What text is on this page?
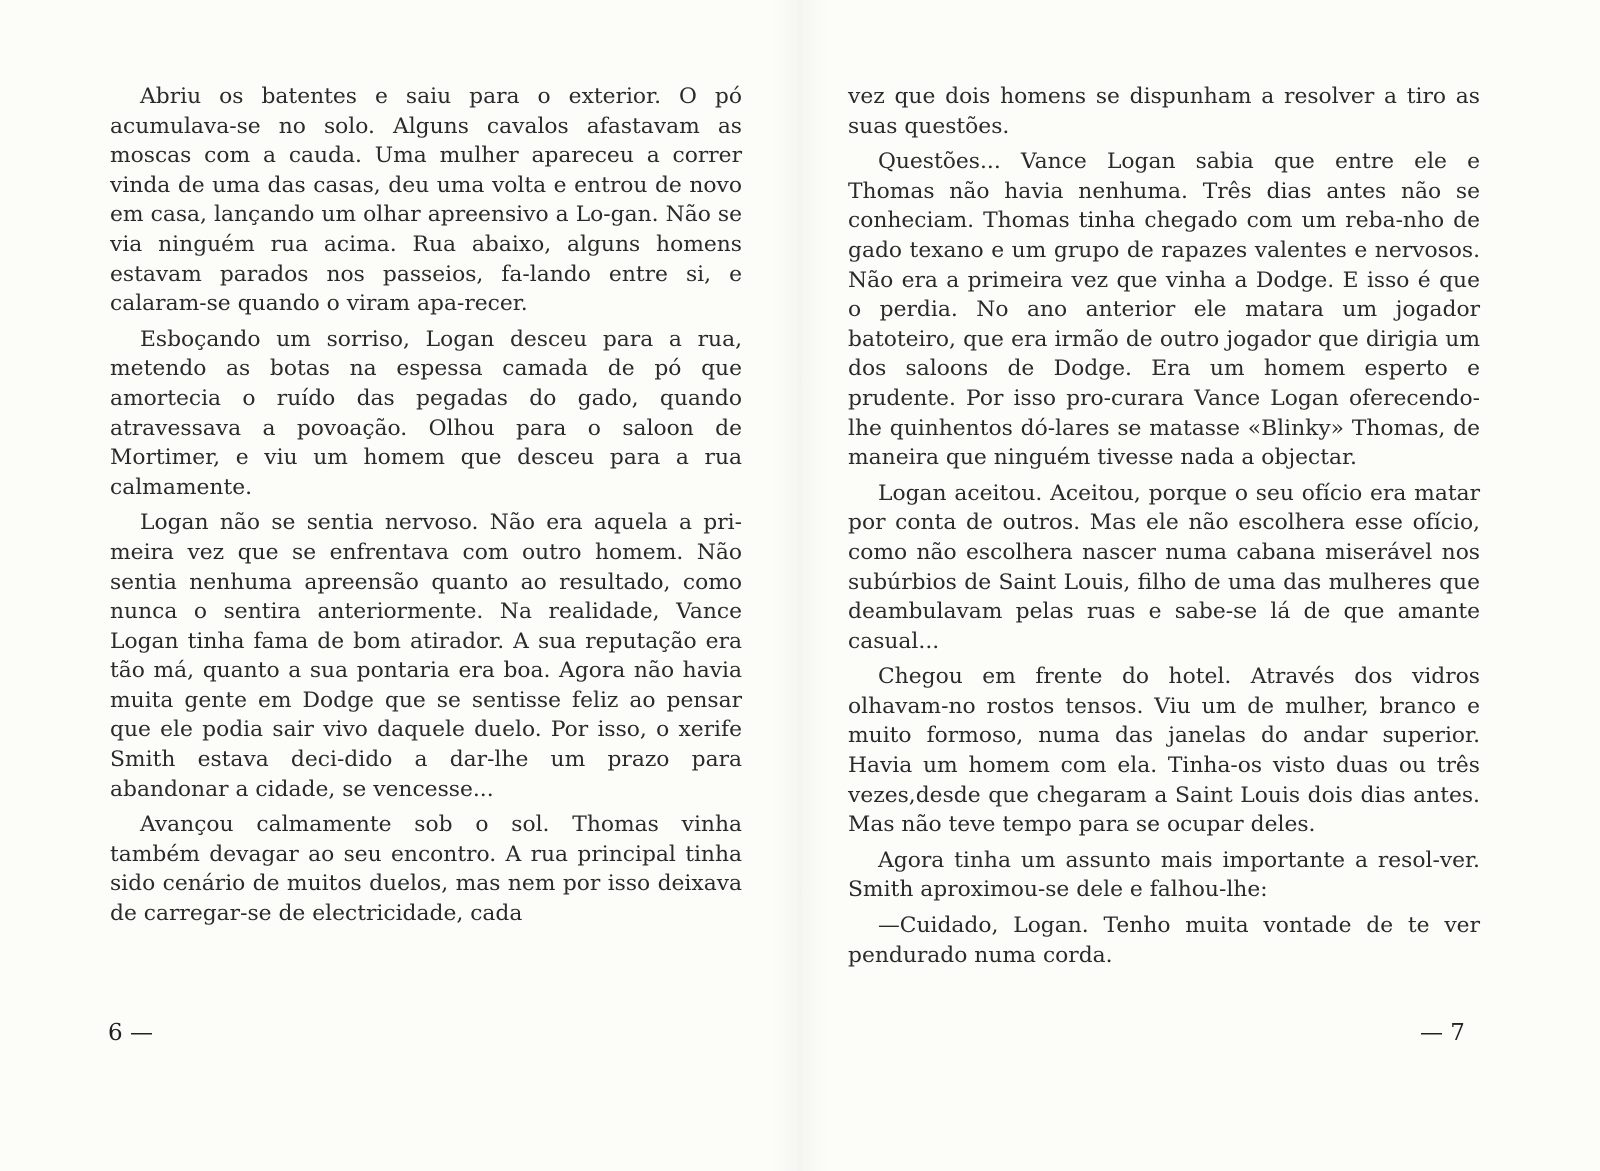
Abriu os batentes e saiu para o exterior. O pó acumulava-se no solo. Alguns cavalos afastavam as moscas com a cauda. Uma mulher apareceu a correr vinda de uma das casas, deu uma volta e entrou de novo em casa, lançando um olhar apreensivo a Lo-gan. Não se via ninguém rua acima. Rua abaixo, alguns homens estavam parados nos passeios, fa-lando entre si, e calaram-se quando o viram apa-recer.

Esboçando um sorriso, Logan desceu para a rua, metendo as botas na espessa camada de pó que amortecia o ruído das pegadas do gado, quando atravessava a povoação. Olhou para o saloon de Mortimer, e viu um homem que desceu para a rua calmamente.

Logan não se sentia nervoso. Não era aquela a pri-meira vez que se enfrentava com outro homem. Não sentia nenhuma apreensão quanto ao resultado, como nunca o sentira anteriormente. Na realidade, Vance Logan tinha fama de bom atirador. A sua reputação era tão má, quanto a sua pontaria era boa. Agora não havia muita gente em Dodge que se sentisse feliz ao pensar que ele podia sair vivo daquele duelo. Por isso, o xerife Smith estava deci-dido a dar-lhe um prazo para abandonar a cidade, se vencesse...

Avançou calmamente sob o sol. Thomas vinha também devagar ao seu encontro. A rua principal tinha sido cenário de muitos duelos, mas nem por isso deixava de carregar-se de electricidade, cada

6 —

vez que dois homens se dispunham a resolver a tiro as suas questões.

Questões... Vance Logan sabia que entre ele e Thomas não havia nenhuma. Três dias antes não se conheciam. Thomas tinha chegado com um reba-nho de gado texano e um grupo de rapazes valentes e nervosos. Não era a primeira vez que vinha a Dodge. E isso é que o perdia. No ano anterior ele matara um jogador batoteiro, que era irmão de outro jogador que dirigia um dos saloons de Dodge. Era um homem esperto e prudente. Por isso pro-curara Vance Logan oferecendo-lhe quinhentos dó-lares se matasse «Blinky» Thomas, de maneira que ninguém tivesse nada a objectar.

Logan aceitou. Aceitou, porque o seu ofício era matar por conta de outros. Mas ele não escolhera esse ofício, como não escolhera nascer numa cabana miserável nos subúrbios de Saint Louis, filho de uma das mulheres que deambulavam pelas ruas e sabe-se lá de que amante casual...

Chegou em frente do hotel. Através dos vidros olhavam-no rostos tensos. Viu um de mulher, branco e muito formoso, numa das janelas do andar superior. Havia um homem com ela. Tinha-os visto duas ou três vezes,desde que chegaram a Saint Louis dois dias antes. Mas não teve tempo para se ocupar deles.

Agora tinha um assunto mais importante a resol-ver. Smith aproximou-se dele e falhou-lhe:

—Cuidado, Logan. Tenho muita vontade de te ver pendurado numa corda.

— 7
